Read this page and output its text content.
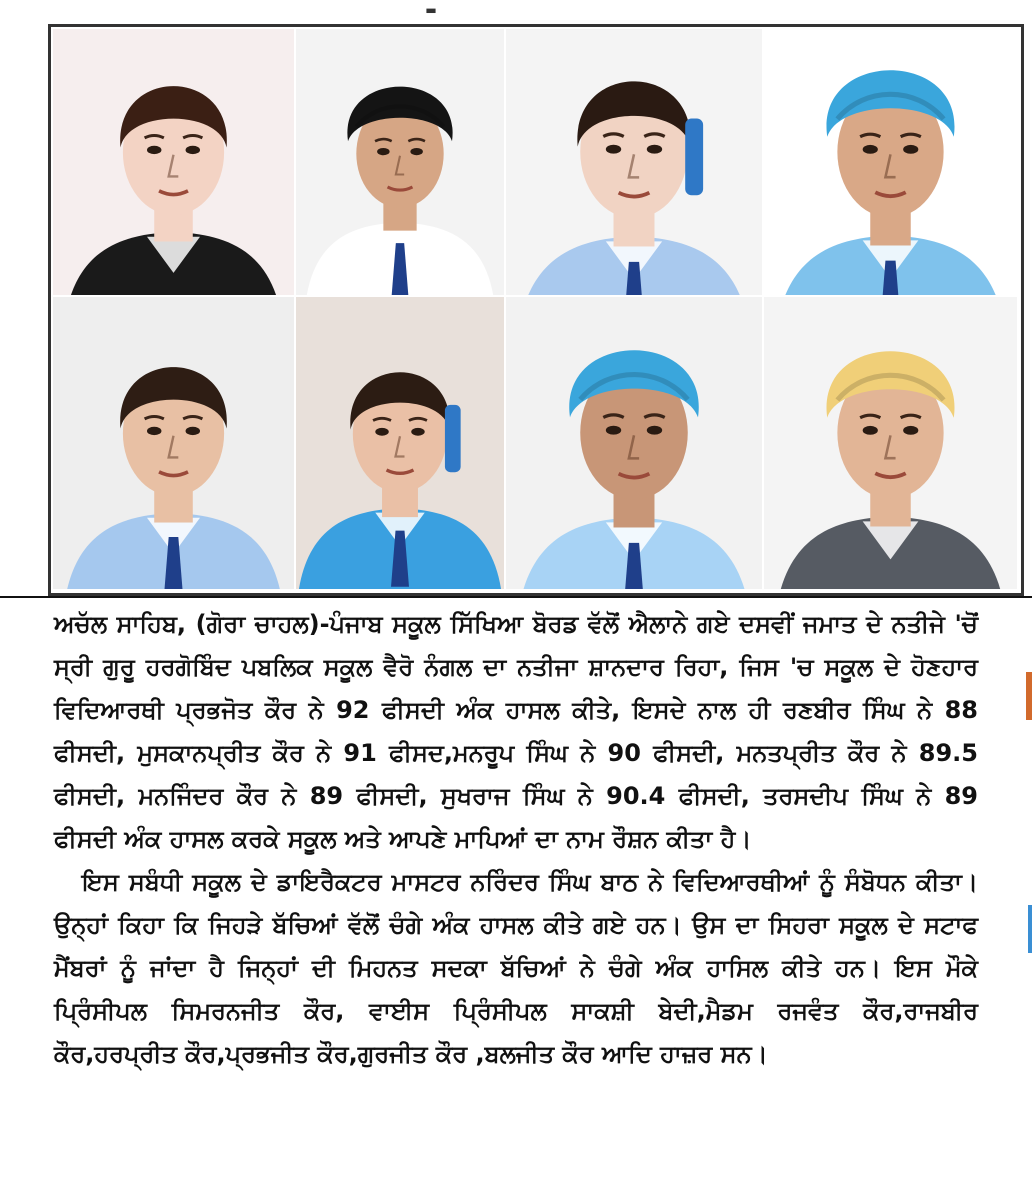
▬

ਅਚੱਲ ਸਾਹਿਬ, (ਗੋਰਾ ਚਾਹਲ)-ਪੰਜਾਬ ਸਕੂਲ ਸਿੱਖਿਆ ਬੋਰਡ ਵੱਲੋਂ ਐਲਾਨੇ ਗਏ ਦਸਵੀਂ ਜਮਾਤ ਦੇ ਨਤੀਜੇ 'ਚੋਂ ਸ੍ਰੀ ਗੁਰੂ ਹਰਗੋਬਿੰਦ ਪਬਲਿਕ ਸਕੂਲ ਵੈਰੋ ਨੰਗਲ ਦਾ ਨਤੀਜਾ ਸ਼ਾਨਦਾਰ ਰਿਹਾ, ਜਿਸ 'ਚ ਸਕੂਲ ਦੇ ਹੋਣਹਾਰ ਵਿਦਿਆਰਥੀ ਪ੍ਰਭਜੋਤ ਕੌਰ ਨੇ 92 ਫੀਸਦੀ ਅੰਕ ਹਾਸਲ ਕੀਤੇ, ਇਸਦੇ ਨਾਲ ਹੀ ਰਣਬੀਰ ਸਿੰਘ ਨੇ 88 ਫੀਸਦੀ, ਮੁਸਕਾਨਪ੍ਰੀਤ ਕੌਰ ਨੇ 91 ਫੀਸਦ,ਮਨਰੂਪ ਸਿੰਘ ਨੇ 90 ਫੀਸਦੀ, ਮਨਤਪ੍ਰੀਤ ਕੌਰ ਨੇ 89.5 ਫੀਸਦੀ, ਮਨਜਿੰਦਰ ਕੌਰ ਨੇ 89 ਫੀਸਦੀ, ਸੁਖਰਾਜ ਸਿੰਘ ਨੇ 90.4 ਫੀਸਦੀ, ਤਰਸਦੀਪ ਸਿੰਘ ਨੇ 89 ਫੀਸਦੀ ਅੰਕ ਹਾਸਲ ਕਰਕੇ ਸਕੂਲ ਅਤੇ ਆਪਣੇ ਮਾਪਿਆਂ ਦਾ ਨਾਮ ਰੌਸ਼ਨ ਕੀਤਾ ਹੈ।

ਇਸ ਸਬੰਧੀ ਸਕੂਲ ਦੇ ਡਾਇਰੈਕਟਰ ਮਾਸਟਰ ਨਰਿੰਦਰ ਸਿੰਘ ਬਾਠ ਨੇ ਵਿਦਿਆਰਥੀਆਂ ਨੂੰ ਸੰਬੋਧਨ ਕੀਤਾ। ਉਨ੍ਹਾਂ ਕਿਹਾ ਕਿ ਜਿਹੜੇ ਬੱਚਿਆਂ ਵੱਲੋਂ ਚੰਗੇ ਅੰਕ ਹਾਸਲ ਕੀਤੇ ਗਏ ਹਨ। ਉਸ ਦਾ ਸਿਹਰਾ ਸਕੂਲ ਦੇ ਸਟਾਫ ਮੈਂਬਰਾਂ ਨੂੰ ਜਾਂਦਾ ਹੈ ਜਿਨ੍ਹਾਂ ਦੀ ਮਿਹਨਤ ਸਦਕਾ ਬੱਚਿਆਂ ਨੇ ਚੰਗੇ ਅੰਕ ਹਾਸਿਲ ਕੀਤੇ ਹਨ। ਇਸ ਮੌਕੇ ਪ੍ਰਿੰਸੀਪਲ ਸਿਮਰਨਜੀਤ ਕੌਰ, ਵਾਈਸ ਪ੍ਰਿੰਸੀਪਲ ਸਾਕਸ਼ੀ ਬੇਦੀ,ਮੈਡਮ ਰਜਵੰਤ ਕੌਰ,ਰਾਜਬੀਰ ਕੌਰ,ਹਰਪ੍ਰੀਤ ਕੌਰ,ਪ੍ਰਭਜੀਤ ਕੌਰ,ਗੁਰਜੀਤ ਕੌਰ ,ਬਲਜੀਤ ਕੌਰ ਆਦਿ ਹਾਜ਼ਰ ਸਨ।
